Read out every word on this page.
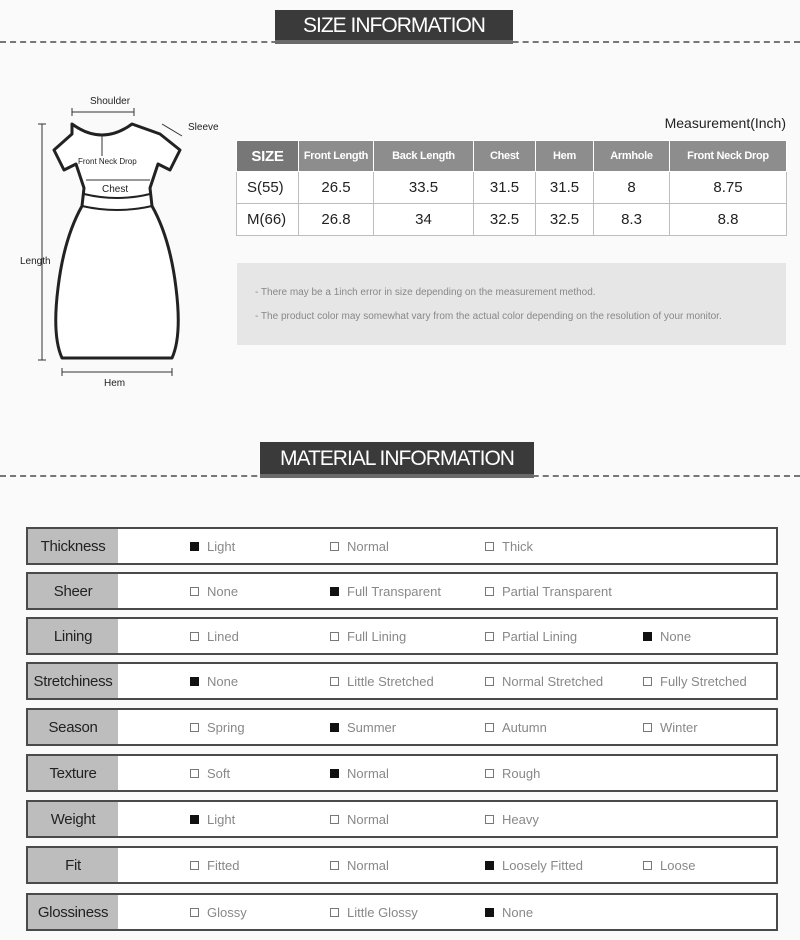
SIZE INFORMATION
Shoulder
Sleeve
Front Neck Drop
Chest
Length
Hem
Measurement(Inch)
SIZE	Front Length	Back Length	Chest	Hem	Armhole	Front Neck Drop
S(55)	26.5	33.5	31.5	31.5	8	8.75
M(66)	26.8	34	32.5	32.5	8.3	8.8
- There may be a 1inch error in size depending on the measurement method.
- The product color may somewhat vary from the actual color depending on the resolution of your monitor.
MATERIAL INFORMATION
Thickness	Light	Normal	Thick
Sheer	None	Full Transparent	Partial Transparent
Lining	Lined	Full Lining	Partial Lining	None
Stretchiness	None	Little Stretched	Normal Stretched	Fully Stretched
Season	Spring	Summer	Autumn	Winter
Texture	Soft	Normal	Rough
Weight	Light	Normal	Heavy
Fit	Fitted	Normal	Loosely Fitted	Loose
Glossiness	Glossy	Little Glossy	None
